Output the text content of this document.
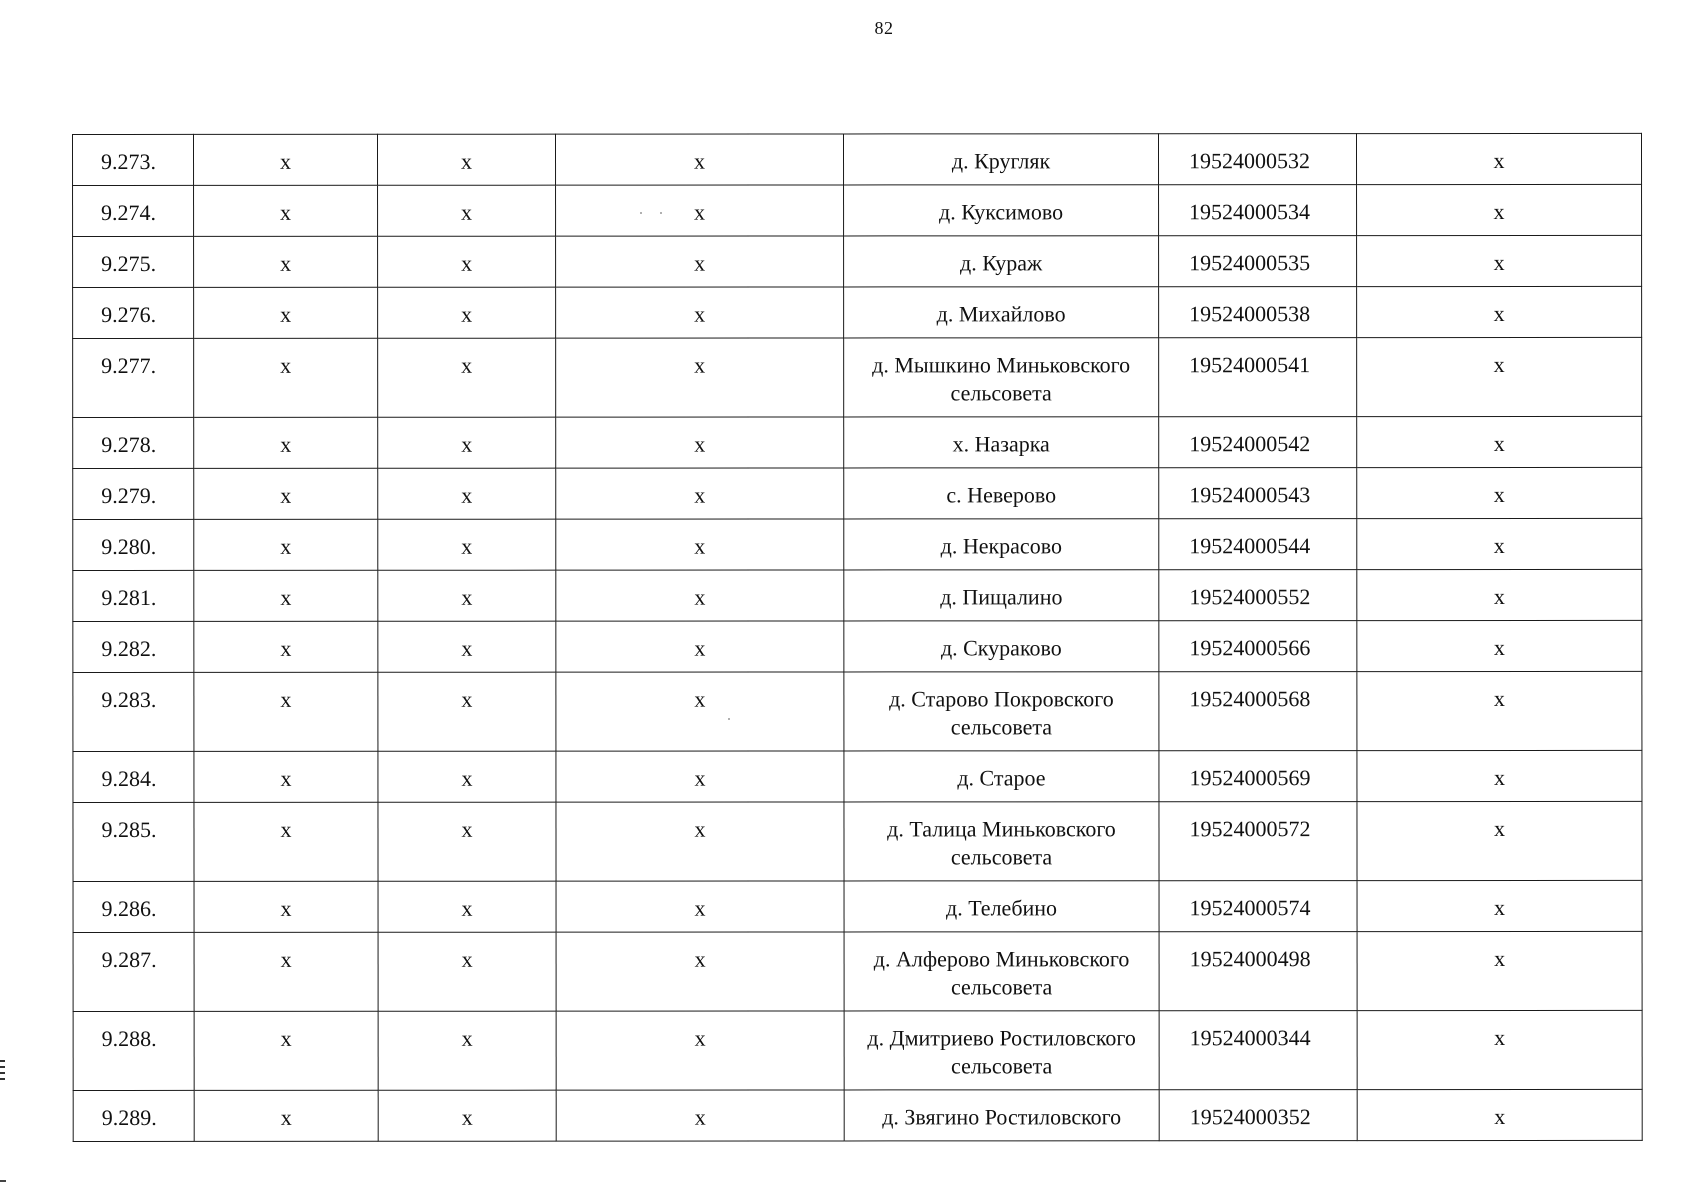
82
9.273.	x	x	x	д. Кругляк	19524000532	x
9.274.	x	x	x	д. Куксимово	19524000534	x
9.275.	x	x	x	д. Кураж	19524000535	x
9.276.	x	x	x	д. Михайлово	19524000538	x
9.277.	x	x	x	д. Мышкино Миньковского сельсовета	19524000541	x
9.278.	x	x	x	х. Назарка	19524000542	x
9.279.	x	x	x	с. Неверово	19524000543	x
9.280.	x	x	x	д. Некрасово	19524000544	x
9.281.	x	x	x	д. Пищалино	19524000552	x
9.282.	x	x	x	д. Скураково	19524000566	x
9.283.	x	x	x	д. Старово Покровского сельсовета	19524000568	x
9.284.	x	x	x	д. Старое	19524000569	x
9.285.	x	x	x	д. Талица Миньковского сельсовета	19524000572	x
9.286.	x	x	x	д. Телебино	19524000574	x
9.287.	x	x	x	д. Алферово Миньковского сельсовета	19524000498	x
9.288.	x	x	x	д. Дмитриево Ростиловского сельсовета	19524000344	x
9.289.	x	x	x	д. Звягино Ростиловского	19524000352	x
